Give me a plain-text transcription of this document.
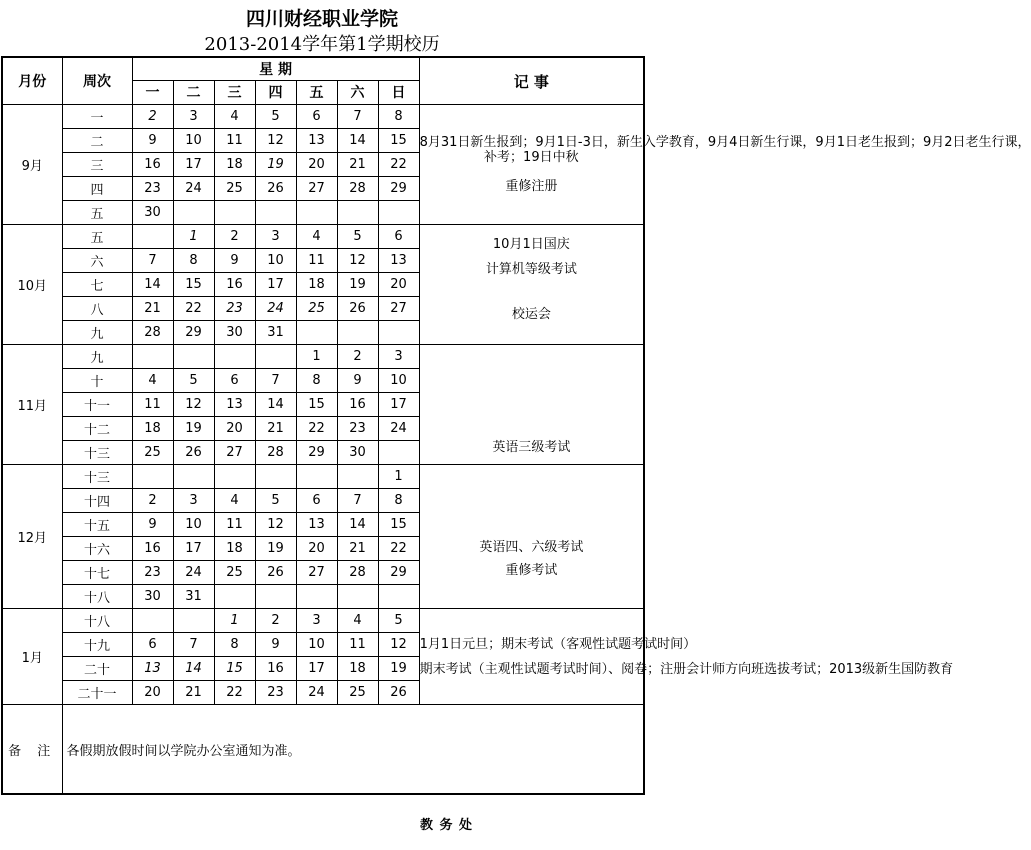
四川财经职业学院
2013-2014学年第1学期校历
月份	周次	星 期							记 事
		一	二	三	四	五	六	日	
9月	一	2	3	4	5	6	7	8	8月31日新生报到；9月1日-3日，新生入学教育，9月4日新生行课，9月1日老生报到；9月2日老生行课，
补考；19日中秋
重修注册

	二	9	10	11	12	13	14	15	
	三	16	17	18	19	20	21	22	
	四	23	24	25	26	27	28	29	
	五	30							
10月	五		1	2	3	4	5	6	10月1日国庆
计算机等级考试
校运会

	六	7	8	9	10	11	12	13	
	七	14	15	16	17	18	19	20	
	八	21	22	23	24	25	26	27	
	九	28	29	30	31				
11月	九					1	2	3	英语三级考试

	十	4	5	6	7	8	9	10	
	十一	11	12	13	14	15	16	17	
	十二	18	19	20	21	22	23	24	
	十三	25	26	27	28	29	30		
12月	十三							1	英语四、六级考试
重修考试

	十四	2	3	4	5	6	7	8	
	十五	9	10	11	12	13	14	15	
	十六	16	17	18	19	20	21	22	
	十七	23	24	25	26	27	28	29	
	十八	30	31						
1月	十八			1	2	3	4	5	1月1日元旦；期末考试（客观性试题考试时间）
期末考试（主观性试题考试时间）、阅卷；注册会计师方向班选拔考试；2013级新生国防教育

	十九	6	7	8	9	10	11	12	
	二十	13	14	15	16	17	18	19	
	二十一	20	21	22	23	24	25	26	
备 注	各假期放假时间以学院办公室通知为准。								
教 务 处
